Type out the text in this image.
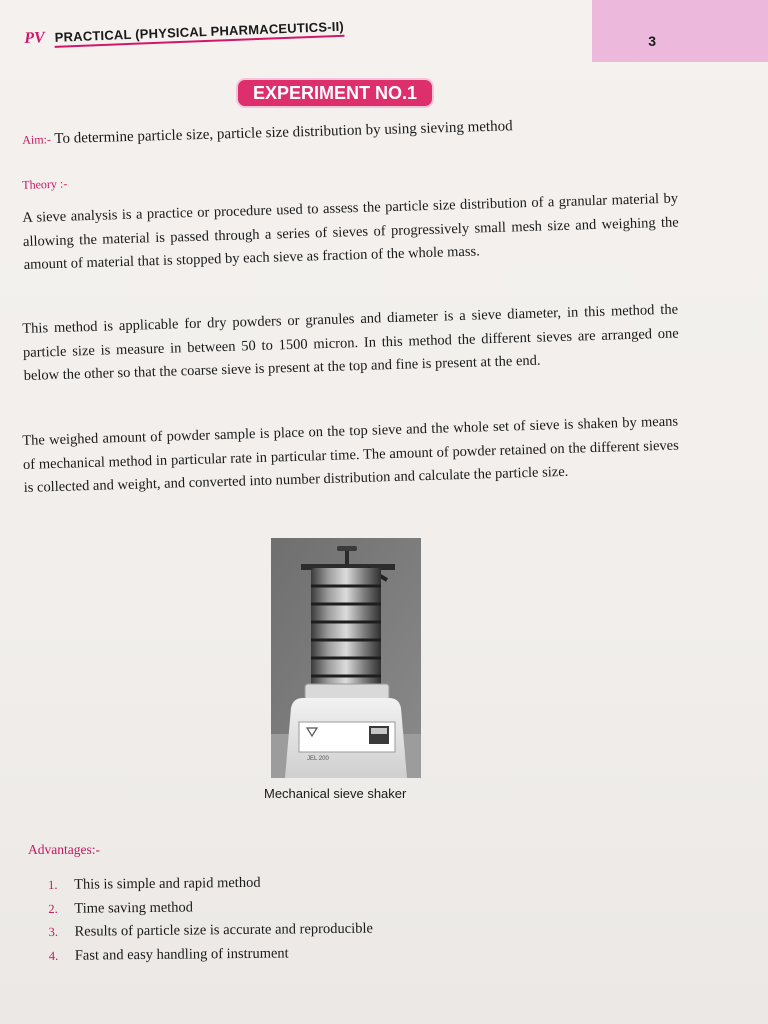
3
PV PRACTICAL (PHYSICAL PHARMACEUTICS-II)
EXPERIMENT NO.1
Aim:- To determine particle size, particle size distribution by using sieving method
Theory :-
A sieve analysis is a practice or procedure used to assess the particle size distribution of a granular material by allowing the material is passed through a series of sieves of progressively small mesh size and weighing the amount of material that is stopped by each sieve as fraction of the whole mass.
This method is applicable for dry powders or granules and diameter is a sieve diameter, in this method the particle size is measure in between 50 to 1500 micron. In this method the different sieves are arranged one below the other so that the coarse sieve is present at the top and fine is present at the end.
The weighed amount of powder sample is place on the top sieve and the whole set of sieve is shaken by means of mechanical method in particular rate in particular time. The amount of powder retained on the different sieves is collected and weight, and converted into number distribution and calculate the particle size.
JEL 200
Mechanical sieve shaker
Advantages:-
1. This is simple and rapid method
2. Time saving method
3. Results of particle size is accurate and reproducible
4. Fast and easy handling of instrument
